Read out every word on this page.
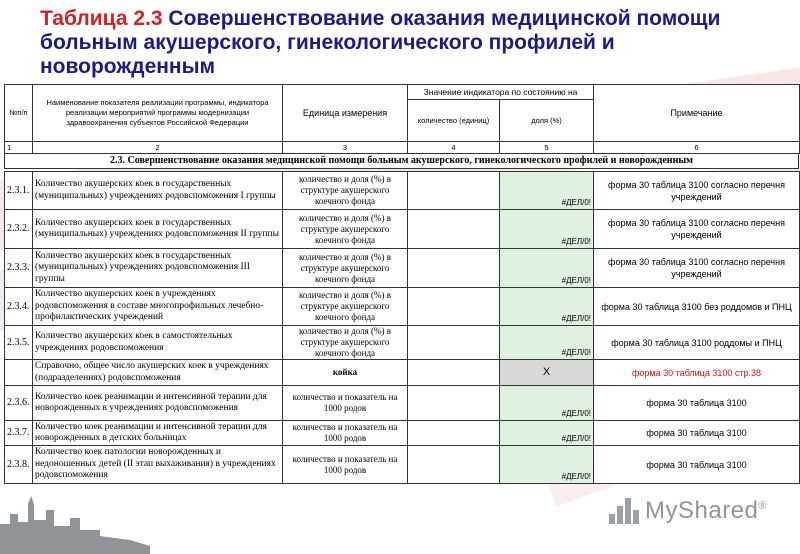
Таблица 2.3 Совершенствование оказания медицинской помощи больным акушерского, гинекологического профилей и новорожденным
№п/п	Наименование показателя реализации программы, индикатора реализации мероприятий программы модернизации здравоохранения субъектов Российской Федерации	Единица измерения	Значение индикатора по состоянию на		Примечание
			количество (единиц)	доля (%)	
1	2	3	4	5	6
2.3. Совершенствование оказания медицинской помощи больным акушерского, гинекологического профилей и новорожденным
2.3.1.	Количество акушерских коек в государственных (муниципальных) учреждениях родовспоможения I группы	количество и доля (%) в структуре акушерского коечного фонда		#ДЕЛ/0!	форма 30 таблица 3100 согласно перечня учреждений
2.3.2.	Количество акушерских коек в государственных (муниципальных) учреждениях родовспоможения II группы	количество и доля (%) в структуре акушерского коечного фонда		#ДЕЛ/0!	форма 30 таблица 3100 согласно перечня учреждений
2.3.3.	Количество акушерских коек в государственных (муниципальных) учреждениях родовспоможения III группы	количество и доля (%) в структуре акушерского коечного фонда		#ДЕЛ/0!	форма 30 таблица 3100 согласно перечня учреждений
2.3.4.	Количество акушерских коек в учреждениях родовспоможения в составе многопрофильных лечебно-профилактических учреждений	количество и доля (%) в структуре акушерского коечного фонда		#ДЕЛ/0!	форма 30 таблица 3100 без роддомов и ПНЦ
2.3.5.	Количество акушерских коек в самостоятельных учреждениях родовспоможения	количество и доля (%) в структуре акушерского коечного фонда		#ДЕЛ/0!	форма 30 таблица 3100 роддомы и ПНЦ
	Справочно, общее число акушерских коек в учреждениях (подразделениях) родовспоможения	койка		Х	форма 30 таблица 3100 стр.38
2.3.6.	Количество коек реанимации и интенсивной терапии для новорожденных в учреждениях родовспоможения	количество и показатель на 1000 родов		#ДЕЛ/0!	форма 30 таблица 3100
2.3.7.	Количество коек реанимации и интенсивной терапии для новорожденных в детских больницах	количество и показатель на 1000 родов		#ДЕЛ/0!	форма 30 таблица 3100
2.3.8.	Количество коек патологии новорожденных и недоношенных детей (II этап выхаживания) в учреждениях родовспоможения	количество и показатель на 1000 родов		#ДЕЛ/0!	форма 30 таблица 3100
MyShared®
